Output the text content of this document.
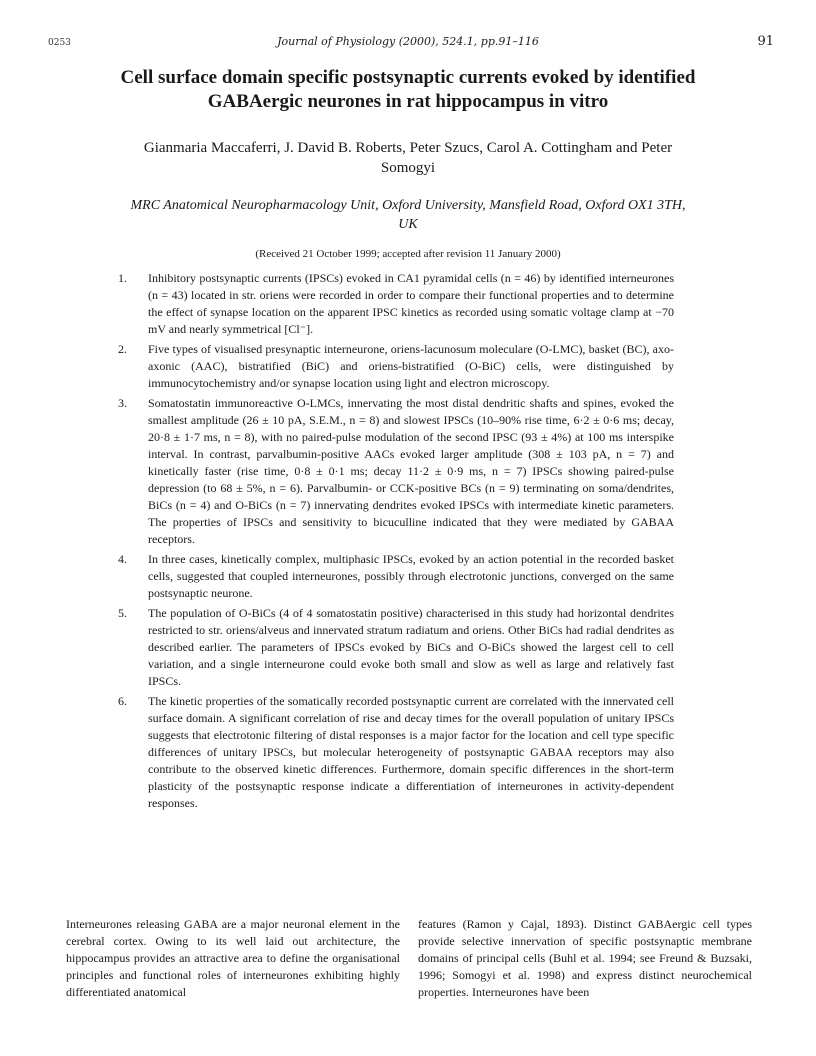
0253	Journal of Physiology (2000), 524.1, pp.91–116	91
Cell surface domain specific postsynaptic currents evoked by identified GABAergic neurones in rat hippocampus in vitro
Gianmaria Maccaferri, J. David B. Roberts, Peter Szucs, Carol A. Cottingham and Peter Somogyi
MRC Anatomical Neuropharmacology Unit, Oxford University, Mansfield Road, Oxford OX1 3TH, UK
(Received 21 October 1999; accepted after revision 11 January 2000)
1. Inhibitory postsynaptic currents (IPSCs) evoked in CA1 pyramidal cells (n = 46) by identified interneurones (n = 43) located in str. oriens were recorded in order to compare their functional properties and to determine the effect of synapse location on the apparent IPSC kinetics as recorded using somatic voltage clamp at −70 mV and nearly symmetrical [Cl⁻].
2. Five types of visualised presynaptic interneurone, oriens-lacunosum moleculare (O-LMC), basket (BC), axo-axonic (AAC), bistratified (BiC) and oriens-bistratified (O-BiC) cells, were distinguished by immunocytochemistry and/or synapse location using light and electron microscopy.
3. Somatostatin immunoreactive O-LMCs, innervating the most distal dendritic shafts and spines, evoked the smallest amplitude (26 ± 10 pA, S.E.M., n = 8) and slowest IPSCs (10–90% rise time, 6·2 ± 0·6 ms; decay, 20·8 ± 1·7 ms, n = 8), with no paired-pulse modulation of the second IPSC (93 ± 4%) at 100 ms interspike interval. In contrast, parvalbumin-positive AACs evoked larger amplitude (308 ± 103 pA, n = 7) and kinetically faster (rise time, 0·8 ± 0·1 ms; decay 11·2 ± 0·9 ms, n = 7) IPSCs showing paired-pulse depression (to 68 ± 5%, n = 6). Parvalbumin- or CCK-positive BCs (n = 9) terminating on soma/dendrites, BiCs (n = 4) and O-BiCs (n = 7) innervating dendrites evoked IPSCs with intermediate kinetic parameters. The properties of IPSCs and sensitivity to bicuculline indicated that they were mediated by GABAA receptors.
4. In three cases, kinetically complex, multiphasic IPSCs, evoked by an action potential in the recorded basket cells, suggested that coupled interneurones, possibly through electrotonic junctions, converged on the same postsynaptic neurone.
5. The population of O-BiCs (4 of 4 somatostatin positive) characterised in this study had horizontal dendrites restricted to str. oriens/alveus and innervated stratum radiatum and oriens. Other BiCs had radial dendrites as described earlier. The parameters of IPSCs evoked by BiCs and O-BiCs showed the largest cell to cell variation, and a single interneurone could evoke both small and slow as well as large and relatively fast IPSCs.
6. The kinetic properties of the somatically recorded postsynaptic current are correlated with the innervated cell surface domain. A significant correlation of rise and decay times for the overall population of unitary IPSCs suggests that electrotonic filtering of distal responses is a major factor for the location and cell type specific differences of unitary IPSCs, but molecular heterogeneity of postsynaptic GABAA receptors may also contribute to the observed kinetic differences. Furthermore, domain specific differences in the short-term plasticity of the postsynaptic response indicate a differentiation of interneurones in activity-dependent responses.
Interneurones releasing GABA are a major neuronal element in the cerebral cortex. Owing to its well laid out architecture, the hippocampus provides an attractive area to define the organisational principles and functional roles of interneurones exhibiting highly differentiated anatomical
features (Ramon y Cajal, 1893). Distinct GABAergic cell types provide selective innervation of specific postsynaptic membrane domains of principal cells (Buhl et al. 1994; see Freund & Buzsaki, 1996; Somogyi et al. 1998) and express distinct neurochemical properties. Interneurones have been
